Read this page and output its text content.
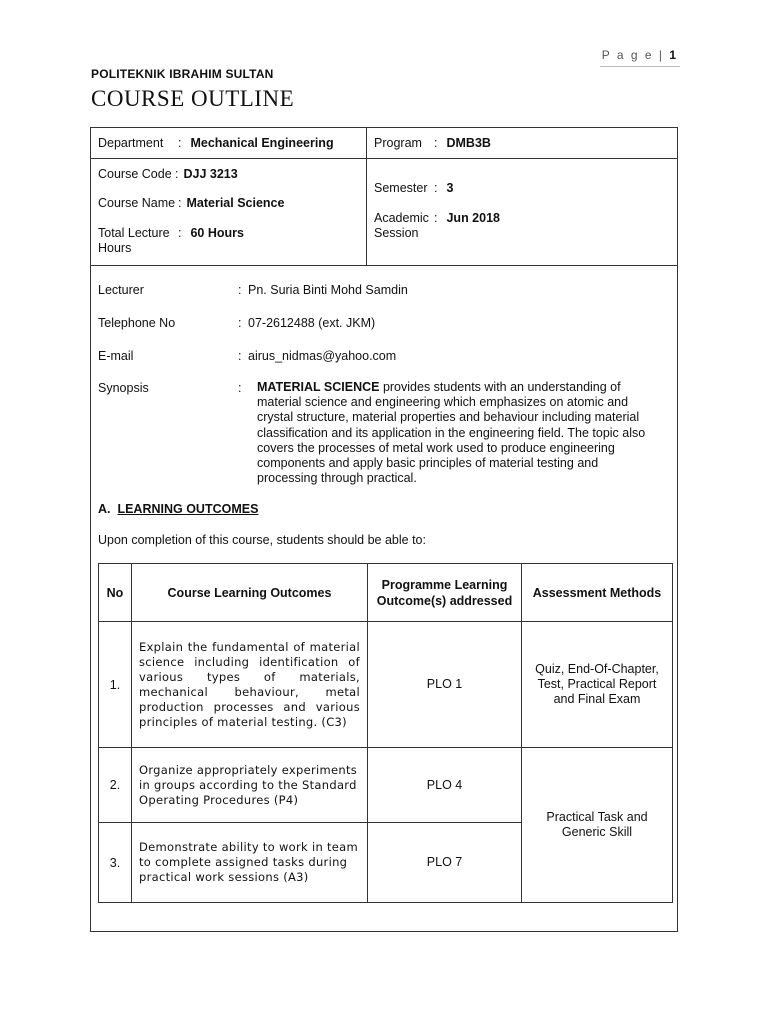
P a g e | 1
POLITEKNIK IBRAHIM SULTAN
COURSE OUTLINE
Department : Mechanical Engineering	Program : DMB3B
Course Code : DJJ 3213
Course Name : Material Science
Total Lecture : 60 Hours
Hours
Semester : 3
Academic : Jun 2018
Session
Lecturer	: Pn. Suria Binti Mohd Samdin
Telephone No	: 07-2612488 (ext. JKM)
E-mail	: airus_nidmas@yahoo.com
Synopsis	: MATERIAL SCIENCE provides students with an understanding of material science and engineering which emphasizes on atomic and crystal structure, material properties and behaviour including material classification and its application in the engineering field. The topic also covers the processes of metal work used to produce engineering components and apply basic principles of material testing and processing through practical.
A. LEARNING OUTCOMES
Upon completion of this course, students should be able to:
No	Course Learning Outcomes	Programme Learning Outcome(s) addressed	Assessment Methods
1.	Explain the fundamental of material science including identification of various types of materials, mechanical behaviour, metal production processes and various principles of material testing. (C3)	PLO 1	Quiz, End-Of-Chapter, Test, Practical Report and Final Exam
2.	Organize appropriately experiments in groups according to the Standard Operating Procedures (P4)	PLO 4	Practical Task and Generic Skill
3.	Demonstrate ability to work in team to complete assigned tasks during practical work sessions (A3)	PLO 7	
